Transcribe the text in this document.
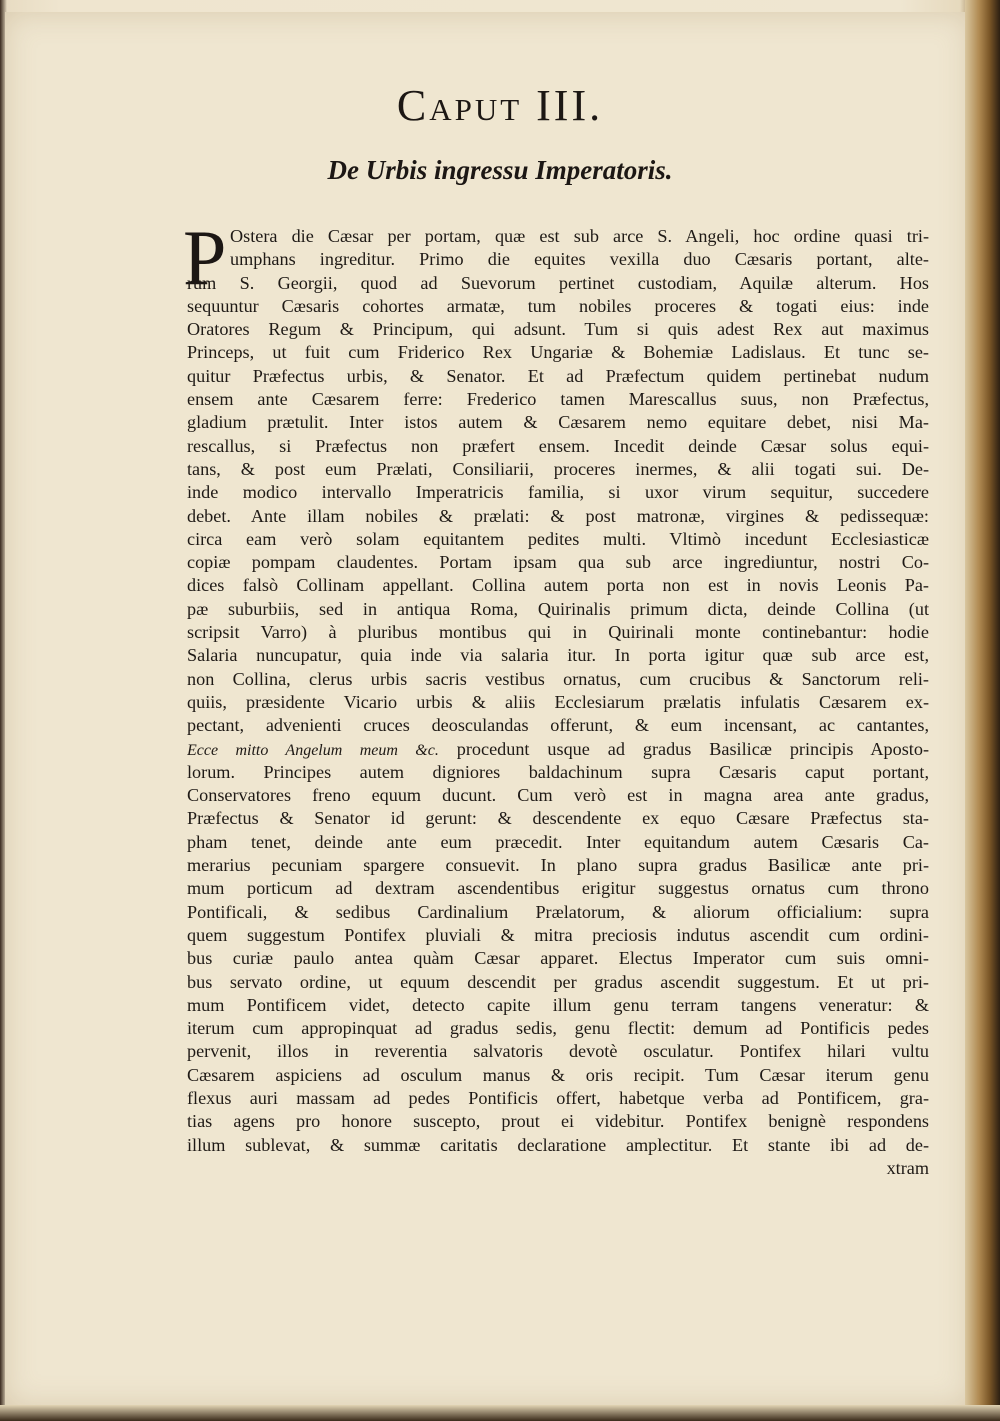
Caput III.
De Urbis ingressu Imperatoris.
P Ostera die Cæsar per portam, quæ est sub arce S. Angeli, hoc ordine quasi tri-
umphans ingreditur. Primo die equites vexilla duo Cæsaris portant, alte-
rum S. Georgii, quod ad Suevorum pertinet custodiam, Aquilæ alterum. Hos
sequuntur Cæsaris cohortes armatæ, tum nobiles proceres & togati eius: inde
Oratores Regum & Principum, qui adsunt. Tum si quis adest Rex aut maximus
Princeps, ut fuit cum Friderico Rex Ungariæ & Bohemiæ Ladislaus. Et tunc se-
quitur Præfectus urbis, & Senator. Et ad Præfectum quidem pertinebat nudum
ensem ante Cæsarem ferre: Frederico tamen Marescallus suus, non Præfectus,
gladium prætulit. Inter istos autem & Cæsarem nemo equitare debet, nisi Ma-
rescallus, si Præfectus non præfert ensem. Incedit deinde Cæsar solus equi-
tans, & post eum Prælati, Consiliarii, proceres inermes, & alii togati sui. De-
inde modico intervallo Imperatricis familia, si uxor virum sequitur, succedere
debet. Ante illam nobiles & prælati: & post matronæ, virgines & pedissequæ:
circa eam verò solam equitantem pedites multi. Vltimò incedunt Ecclesiasticæ
copiæ pompam claudentes. Portam ipsam qua sub arce ingrediuntur, nostri Co-
dices falsò Collinam appellant. Collina autem porta non est in novis Leonis Pa-
pæ suburbiis, sed in antiqua Roma, Quirinalis primum dicta, deinde Collina (ut
scripsit Varro) à pluribus montibus qui in Quirinali monte continebantur: hodie
Salaria nuncupatur, quia inde via salaria itur. In porta igitur quæ sub arce est,
non Collina, clerus urbis sacris vestibus ornatus, cum crucibus & Sanctorum reli-
quiis, præsidente Vicario urbis & aliis Ecclesiarum prælatis infulatis Cæsarem ex-
pectant, advenienti cruces deosculandas offerunt, & eum incensant, ac cantantes,
Ecce mitto Angelum meum &c. procedunt usque ad gradus Basilicæ principis Aposto-
lorum. Principes autem digniores baldachinum supra Cæsaris caput portant,
Conservatores freno equum ducunt. Cum verò est in magna area ante gradus,
Præfectus & Senator id gerunt: & descendente ex equo Cæsare Præfectus sta-
pham tenet, deinde ante eum præcedit. Inter equitandum autem Cæsaris Ca-
merarius pecuniam spargere consuevit. In plano supra gradus Basilicæ ante pri-
mum porticum ad dextram ascendentibus erigitur suggestus ornatus cum throno
Pontificali, & sedibus Cardinalium Prælatorum, & aliorum officialium: supra
quem suggestum Pontifex pluviali & mitra preciosis indutus ascendit cum ordini-
bus curiæ paulo antea quàm Cæsar apparet. Electus Imperator cum suis omni-
bus servato ordine, ut equum descendit per gradus ascendit suggestum. Et ut pri-
mum Pontificem videt, detecto capite illum genu terram tangens veneratur: &
iterum cum appropinquat ad gradus sedis, genu flectit: demum ad Pontificis pedes
pervenit, illos in reverentia salvatoris devotè osculatur. Pontifex hilari vultu
Cæsarem aspiciens ad osculum manus & oris recipit. Tum Cæsar iterum genu
flexus auri massam ad pedes Pontificis offert, habetque verba ad Pontificem, gra-
tias agens pro honore suscepto, prout ei videbitur. Pontifex benignè respondens
illum sublevat, & summæ caritatis declaratione amplectitur. Et stante ibi ad de-
xtram
